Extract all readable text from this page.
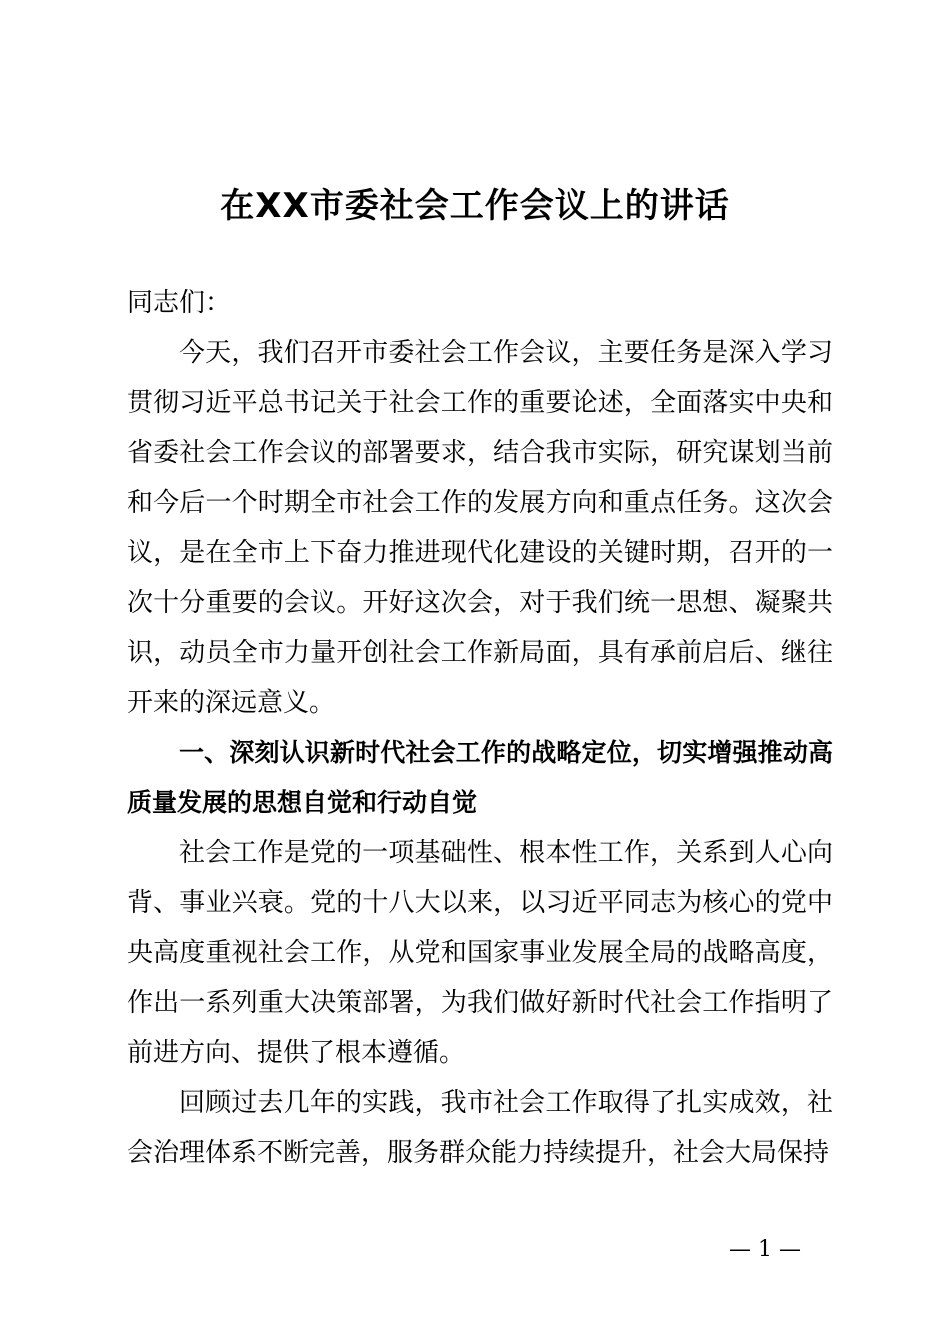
在XX市委社会工作会议上的讲话

同志们：

今天，我们召开市委社会工作会议，主要任务是深入学习贯彻习近平总书记关于社会工作的重要论述，全面落实中央和省委社会工作会议的部署要求，结合我市实际，研究谋划当前和今后一个时期全市社会工作的发展方向和重点任务。这次会议，是在全市上下奋力推进现代化建设的关键时期，召开的一次十分重要的会议。开好这次会，对于我们统一思想、凝聚共识，动员全市力量开创社会工作新局面，具有承前启后、继往开来的深远意义。

一、深刻认识新时代社会工作的战略定位，切实增强推动高质量发展的思想自觉和行动自觉

社会工作是党的一项基础性、根本性工作，关系到人心向背、事业兴衰。党的十八大以来，以习近平同志为核心的党中央高度重视社会工作，从党和国家事业发展全局的战略高度，作出一系列重大决策部署，为我们做好新时代社会工作指明了前进方向、提供了根本遵循。

回顾过去几年的实践，我市社会工作取得了扎实成效，社会治理体系不断完善，服务群众能力持续提升，社会大局保持

— 1 —
